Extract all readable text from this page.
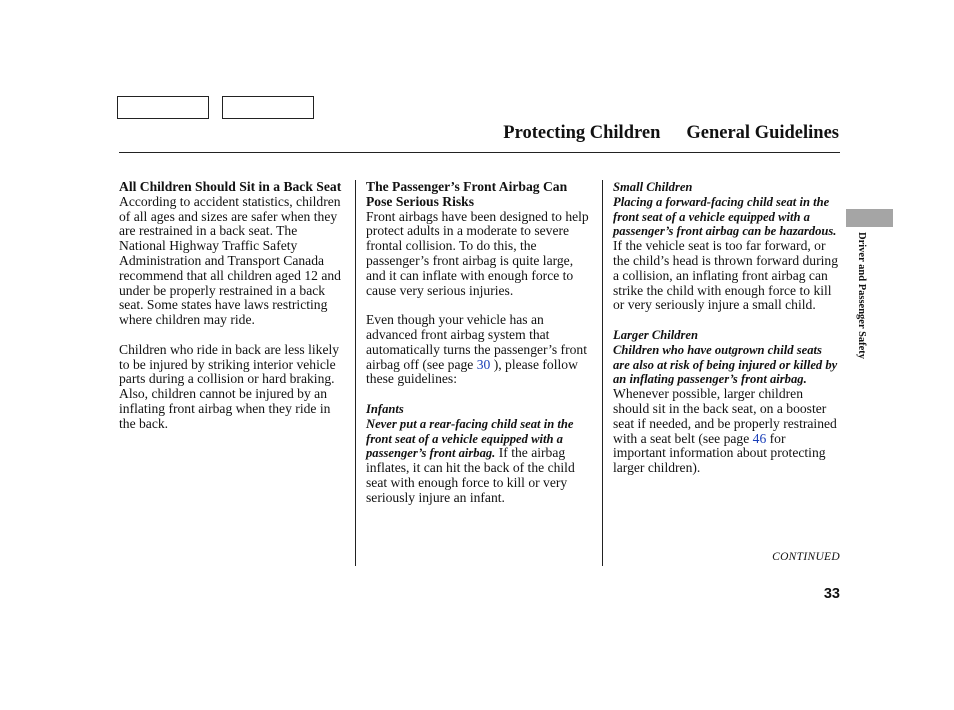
Protecting Children General Guidelines
Driver and Passenger Safety
All Children Should Sit in a Back Seat

According to accident statistics, children of all ages and sizes are safer when they are restrained in a back seat. The National Highway Traffic Safety Administration and Transport Canada recommend that all children aged 12 and under be properly restrained in a back seat. Some states have laws restricting where children may ride.

Children who ride in back are less likely to be injured by striking interior vehicle parts during a collision or hard braking. Also, children cannot be injured by an inflating front airbag when they ride in the back.

The Passenger’s Front Airbag Can Pose Serious Risks

Front airbags have been designed to help protect adults in a moderate to severe frontal collision. To do this, the passenger’s front airbag is quite large, and it can inflate with enough force to cause very serious injuries.

Even though your vehicle has an advanced front airbag system that automatically turns the passenger’s front airbag off (see page 30 ), please follow these guidelines:

Infants

Never put a rear-facing child seat in the front seat of a vehicle equipped with a passenger’s front airbag. If the airbag inflates, it can hit the back of the child seat with enough force to kill or very seriously injure an infant.

Small Children

Placing a forward-facing child seat in the front seat of a vehicle equipped with a passenger’s front airbag can be hazardous. If the vehicle seat is too far forward, or the child’s head is thrown forward during a collision, an inflating front airbag can strike the child with enough force to kill or very seriously injure a small child.

Larger Children

Children who have outgrown child seats are also at risk of being injured or killed by an inflating passenger’s front airbag. Whenever possible, larger children should sit in the back seat, on a booster seat if needed, and be properly restrained with a seat belt (see page 46 for important information about protecting larger children).

CONTINUED
33
